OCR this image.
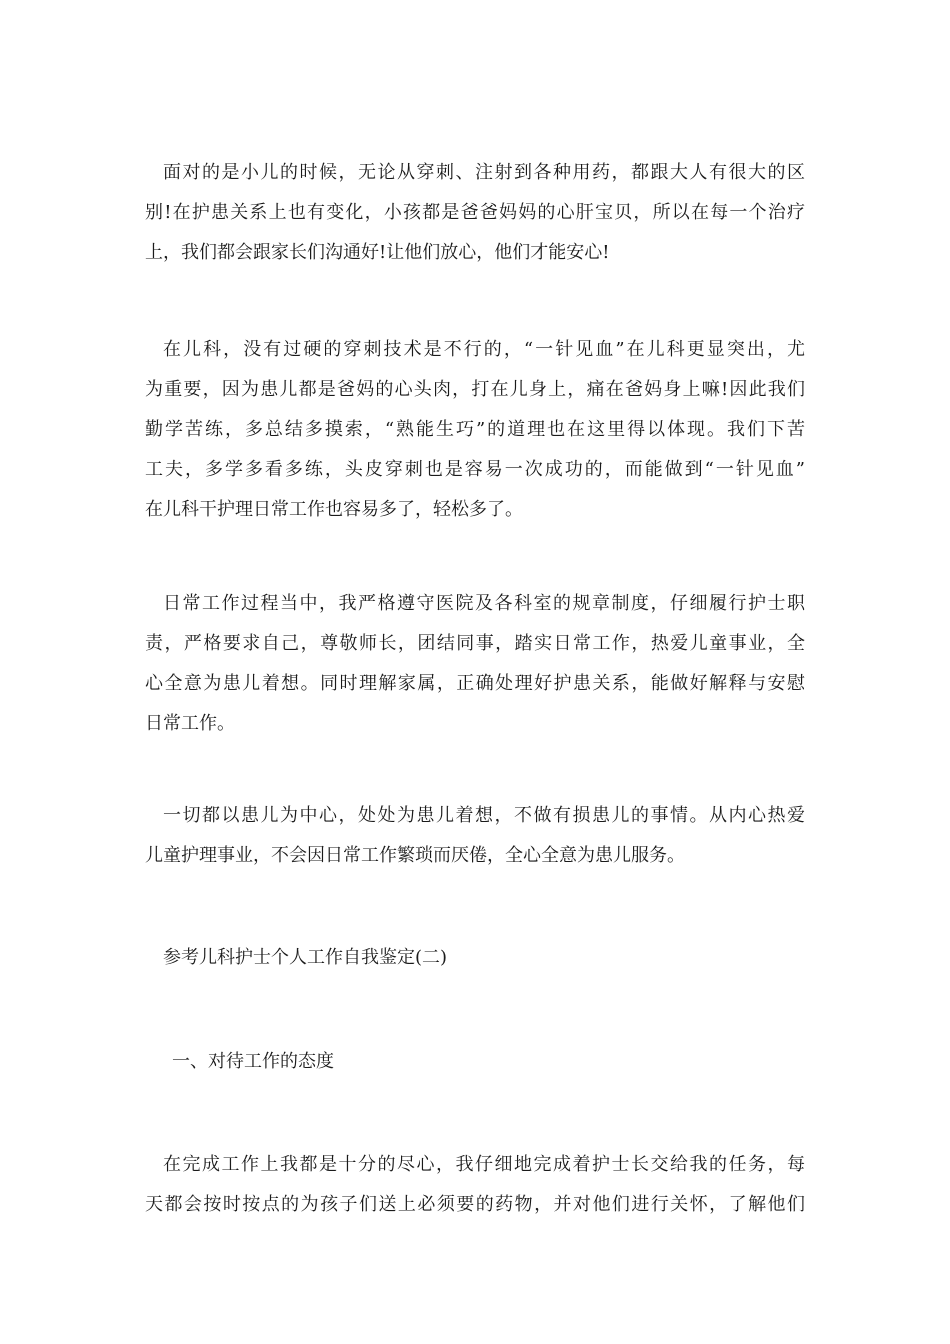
面对的是小儿的时候，无论从穿刺、注射到各种用药，都跟大人有很大的区
别!在护患关系上也有变化，小孩都是爸爸妈妈的心肝宝贝，所以在每一个治疗
上，我们都会跟家长们沟通好!让他们放心，他们才能安心!
在儿科，没有过硬的穿刺技术是不行的，“一针见血”在儿科更显突出，尤
为重要，因为患儿都是爸妈的心头肉，打在儿身上，痛在爸妈身上嘛!因此我们
勤学苦练，多总结多摸索，“熟能生巧”的道理也在这里得以体现。我们下苦
工夫，多学多看多练，头皮穿刺也是容易一次成功的，而能做到“一针见血”
在儿科干护理日常工作也容易多了，轻松多了。
日常工作过程当中，我严格遵守医院及各科室的规章制度，仔细履行护士职
责，严格要求自己，尊敬师长，团结同事，踏实日常工作，热爱儿童事业，全
心全意为患儿着想。同时理解家属，正确处理好护患关系，能做好解释与安慰
日常工作。
一切都以患儿为中心，处处为患儿着想，不做有损患儿的事情。从内心热爱
儿童护理事业，不会因日常工作繁琐而厌倦，全心全意为患儿服务。
参考儿科护士个人工作自我鉴定(二)
一、对待工作的态度
在完成工作上我都是十分的尽心，我仔细地完成着护士长交给我的任务，每
天都会按时按点的为孩子们送上必须要的药物，并对他们进行关怀，了解他们
